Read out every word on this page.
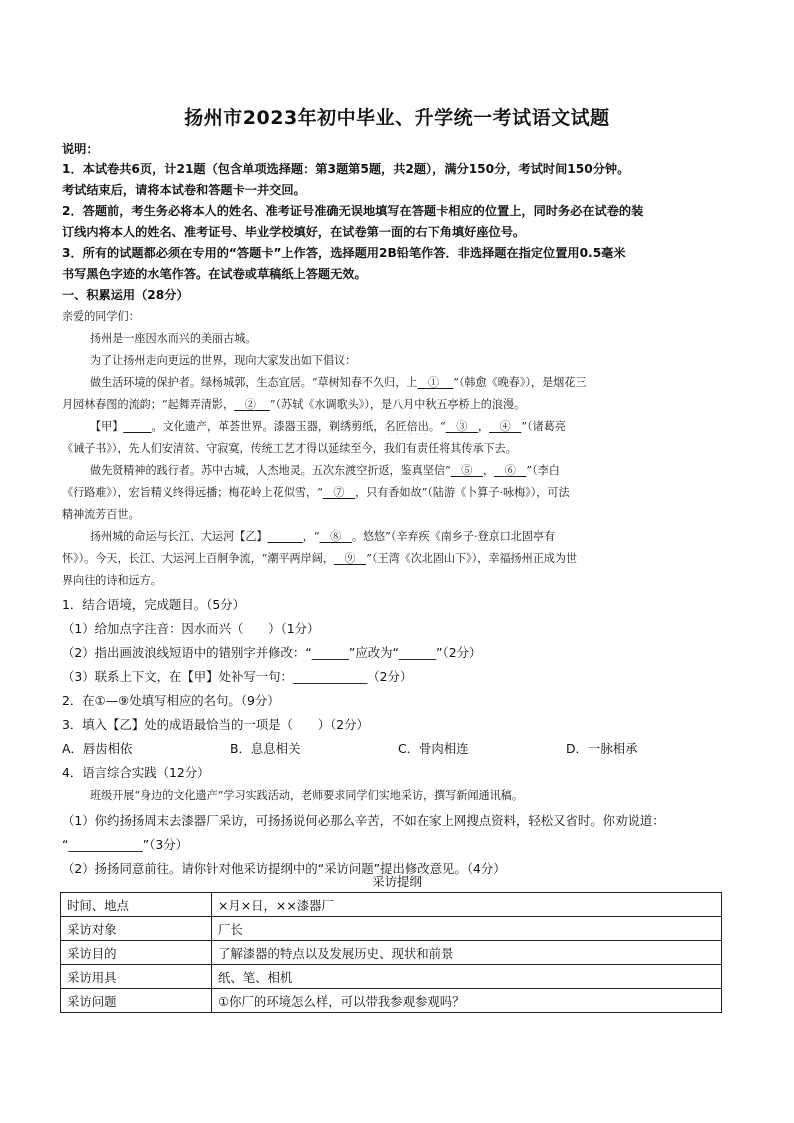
扬州市2023年初中毕业、升学统一考试语文试题
说明：
1．本试卷共6页，计21题（包含单项选择题：第3题第5题，共2题），满分150分，考试时间150分钟。
考试结束后，请将本试卷和答题卡一并交回。
2．答题前，考生务必将本人的姓名、准考证号准确无误地填写在答题卡相应的位置上，同时务必在试卷的装
订线内将本人的姓名、准考证号、毕业学校填好，在试卷第一面的右下角填好座位号。
3．所有的试题都必须在专用的“答题卡”上作答，选择题用2B铅笔作答．非选择题在指定位置用0.5毫米
书写黑色字迹的水笔作答。在试卷或草稿纸上答题无效。
一、积累运用（28分）
亲爱的同学们：
扬州是一座因水而兴的美丽古城。
为了让扬州走向更远的世界，现向大家发出如下倡议：
做生活环境的保护者。绿杨城郭，生态宜居。“草树知春不久归，上 ① ”（韩愈《晚春》），是烟花三
月园林春图的流韵；“起舞弄清影， ② ”（苏轼《水调歌头》），是八月中秋五亭桥上的浪漫。
【甲】	。文化遗产，革荟世界。漆器玉器，剃绣剪纸，名匠倍出。“ ③ ， ④ ”（诸葛亮
《诫子书》），先人们安清贫、守寂寞，传统工艺才得以延续至今，我们有责任将其传承下去。
做先贤精神的践行者。苏中古城，人杰地灵。五次东渡空折返，鉴真坚信“ ⑤ ， ⑥ ”（李白
《行路难》），宏旨精义终得远播；梅花岭上花似雪，“ ⑦ ，只有香如故”（陆游《卜算子·咏梅》），可法
精神流芳百世。
扬州城的命运与长江、大运河【乙】	，“ ⑧ 。悠悠”（辛弃疾《南乡子·登京口北固亭有
怀》）。今天，长江、大运河上百舸争流，“潮平两岸阔， ⑨ ”（王湾《次北固山下》），幸福扬州正成为世
界向往的诗和远方。
1．结合语境，完成题目。（5分）
（1）给加点字注音：因水而兴（　　）（1分）
（2）指出画波浪线短语中的错别字并修改：“______”应改为“______”（2分）
（3）联系上下文，在【甲】处补写一句：____________（2分）
2．在①—⑨处填写相应的名句。（9分）
3．填入【乙】处的成语最恰当的一项是（　　）（2分）
A．唇齿相依	B．息息相关	C．骨肉相连	D．一脉相承
4．语言综合实践（12分）
班级开展“身边的文化遗产”学习实践活动，老师要求同学们实地采访，撰写新闻通讯稿。
（1）你约扬扬周末去漆器厂采访，可扬扬说何必那么辛苦，不如在家上网搜点资料，轻松又省时。你劝说道：
“____________”（3分）
（2）扬扬同意前往。请你针对他采访提纲中的“采访问题”提出修改意见。（4分）
采访提纲
时间、地点	×月×日，××漆器厂
采访对象	厂长
采访目的	了解漆器的特点以及发展历史、现状和前景
采访用具	纸、笔、相机
采访问题	①你厂的环境怎么样，可以带我参观参观吗？
